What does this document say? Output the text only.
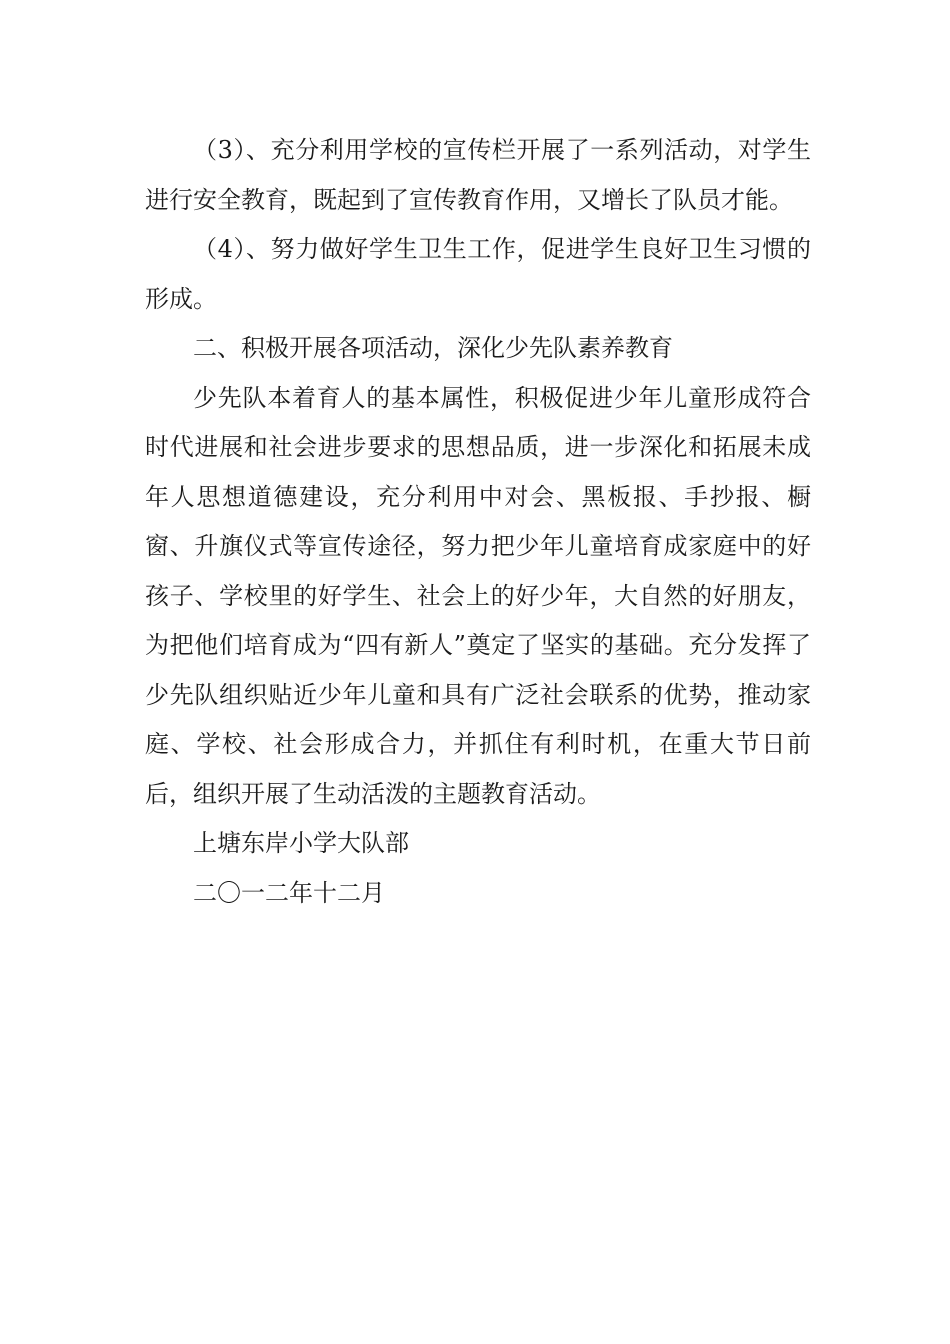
（3）、充分利用学校的宣传栏开展了一系列活动，对学生进行安全教育，既起到了宣传教育作用，又增长了队员才能。

（4）、努力做好学生卫生工作，促进学生良好卫生习惯的形成。

二、积极开展各项活动，深化少先队素养教育

少先队本着育人的基本属性，积极促进少年儿童形成符合时代进展和社会进步要求的思想品质，进一步深化和拓展未成年人思想道德建设，充分利用中对会、黑板报、手抄报、橱窗、升旗仪式等宣传途径，努力把少年儿童培育成家庭中的好孩子、学校里的好学生、社会上的好少年，大自然的好朋友，为把他们培育成为“四有新人”奠定了坚实的基础。充分发挥了少先队组织贴近少年儿童和具有广泛社会联系的优势，推动家庭、学校、社会形成合力，并抓住有利时机，在重大节日前后，组织开展了生动活泼的主题教育活动。

上塘东岸小学大队部

二〇一二年十二月
